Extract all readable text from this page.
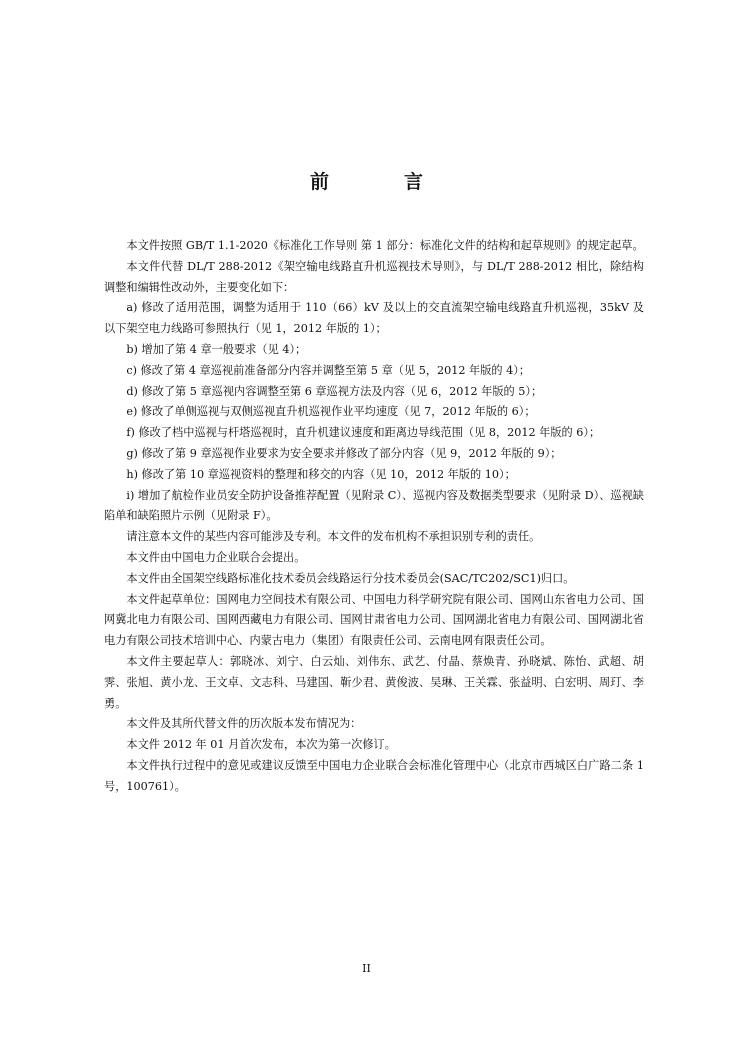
前　言

本文件按照 GB/T 1.1-2020《标准化工作导则 第 1 部分：标准化文件的结构和起草规则》的规定起草。

本文件代替 DL/T 288-2012《架空输电线路直升机巡视技术导则》，与 DL/T 288-2012 相比，除结构调整和编辑性改动外，主要变化如下：

a) 修改了适用范围，调整为适用于 110（66）kV 及以上的交直流架空输电线路直升机巡视，35kV 及以下架空电力线路可参照执行（见 1，2012 年版的 1）；

b) 增加了第 4 章一般要求（见 4）；

c) 修改了第 4 章巡视前准备部分内容并调整至第 5 章（见 5，2012 年版的 4）；

d) 修改了第 5 章巡视内容调整至第 6 章巡视方法及内容（见 6，2012 年版的 5）；

e) 修改了单侧巡视与双侧巡视直升机巡视作业平均速度（见 7，2012 年版的 6）；

f) 修改了档中巡视与杆塔巡视时，直升机建议速度和距离边导线范围（见 8，2012 年版的 6）；

g) 修改了第 9 章巡视作业要求为安全要求并修改了部分内容（见 9，2012 年版的 9）；

h) 修改了第 10 章巡视资料的整理和移交的内容（见 10，2012 年版的 10）；

i) 增加了航检作业员安全防护设备推荐配置（见附录 C）、巡视内容及数据类型要求（见附录 D）、巡视缺陷单和缺陷照片示例（见附录 F）。

请注意本文件的某些内容可能涉及专利。本文件的发布机构不承担识别专利的责任。

本文件由中国电力企业联合会提出。

本文件由全国架空线路标准化技术委员会线路运行分技术委员会(SAC/TC202/SC1)归口。

本文件起草单位：国网电力空间技术有限公司、中国电力科学研究院有限公司、国网山东省电力公司、国网冀北电力有限公司、国网西藏电力有限公司、国网甘肃省电力公司、国网湖北省电力有限公司、国网湖北省电力有限公司技术培训中心、内蒙古电力（集团）有限责任公司、云南电网有限责任公司。

本文件主要起草人：郭晓冰、刘宁、白云灿、刘伟东、武艺、付晶、蔡焕青、孙晓斌、陈怡、武超、胡霁、张旭、黄小龙、王文卓、文志科、马建国、靳少君、黄俊波、吴琳、王关霖、张益明、白宏明、周玎、李勇。

本文件及其所代替文件的历次版本发布情况为：

本文件 2012 年 01 月首次发布，本次为第一次修订。

本文件执行过程中的意见或建议反馈至中国电力企业联合会标准化管理中心（北京市西城区白广路二条 1 号，100761）。

II
